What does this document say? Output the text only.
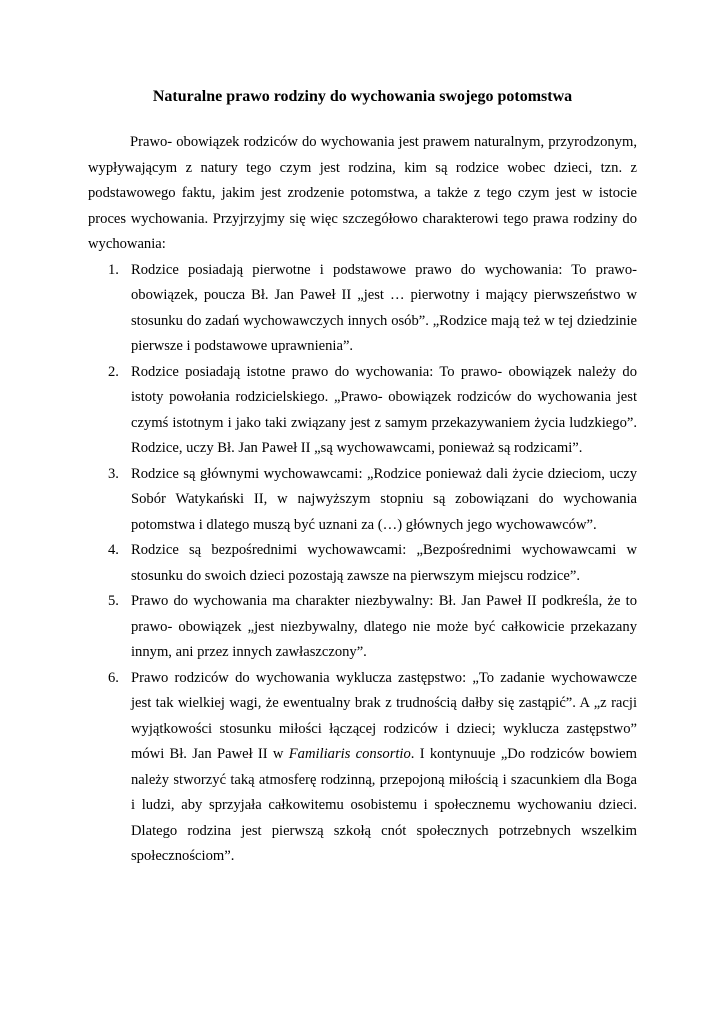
Naturalne prawo rodziny do wychowania swojego potomstwa

Prawo- obowiązek rodziców do wychowania jest prawem naturalnym, przyrodzonym, wypływającym z natury tego czym jest rodzina, kim są rodzice wobec dzieci, tzn. z podstawowego faktu, jakim jest zrodzenie potomstwa, a także z tego czym jest w istocie proces wychowania. Przyjrzyjmy się więc szczegółowo charakterowi tego prawa rodziny do wychowania:

1. Rodzice posiadają pierwotne i podstawowe prawo do wychowania: To prawo- obowiązek, poucza Bł. Jan Paweł II „jest … pierwotny i mający pierwszeństwo w stosunku do zadań wychowawczych innych osób”. „Rodzice mają też w tej dziedzinie pierwsze i podstawowe uprawnienia”.
2. Rodzice posiadają istotne prawo do wychowania: To prawo- obowiązek należy do istoty powołania rodzicielskiego. „Prawo- obowiązek rodziców do wychowania jest czymś istotnym i jako taki związany jest z samym przekazywaniem życia ludzkiego”. Rodzice, uczy Bł. Jan Paweł II „są wychowawcami, ponieważ są rodzicami”.
3. Rodzice są głównymi wychowawcami: „Rodzice ponieważ dali życie dzieciom, uczy Sobór Watykański II, w najwyższym stopniu są zobowiązani do wychowania potomstwa i dlatego muszą być uznani za (…) głównych jego wychowawców”.
4. Rodzice są bezpośrednimi wychowawcami: „Bezpośrednimi wychowawcami w stosunku do swoich dzieci pozostają zawsze na pierwszym miejscu rodzice”.
5. Prawo do wychowania ma charakter niezbywalny: Bł. Jan Paweł II podkreśla, że to prawo- obowiązek „jest niezbywalny, dlatego nie może być całkowicie przekazany innym, ani przez innych zawłaszczony”.
6. Prawo rodziców do wychowania wyklucza zastępstwo: „To zadanie wychowawcze jest tak wielkiej wagi, że ewentualny brak z trudnością dałby się zastąpić”. A „z racji wyjątkowości stosunku miłości łączącej rodziców i dzieci; wyklucza zastępstwo” mówi Bł. Jan Paweł II w Familiaris consortio. I kontynuuje „Do rodziców bowiem należy stworzyć taką atmosferę rodzinną, przepojoną miłością i szacunkiem dla Boga i ludzi, aby sprzyjała całkowitemu osobistemu i społecznemu wychowaniu dzieci. Dlatego rodzina jest pierwszą szkołą cnót społecznych potrzebnych wszelkim społecznościom”.
